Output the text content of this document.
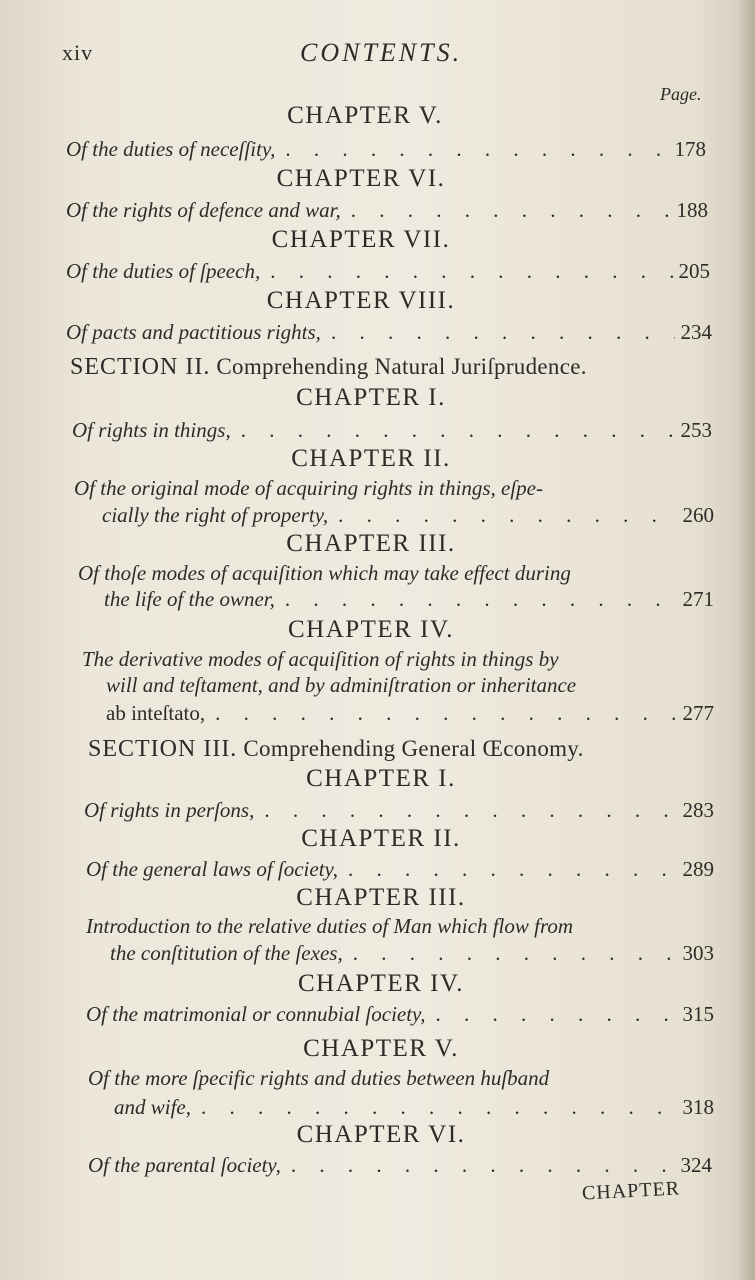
xiv	CONTENTS.
Page.
CHAPTER V.
Of the duties of neceſſity, . . .	178
CHAPTER VI.
Of the rights of defence and war, . . .	188
CHAPTER VII.
Of the duties of ſpeech, . . .	205
CHAPTER VIII.
Of pacts and pactitious rights, . . .	234
SECTION II. Comprehending Natural Juriſprudence.
CHAPTER I.
Of rights in things, . . .	253
CHAPTER II.
Of the original mode of acquiring rights in things, eſpe-
cially the right of property, . . .	260
CHAPTER III.
Of thoſe modes of acquiſition which may take effect during
the life of the owner, . . .	271
CHAPTER IV.
The derivative modes of acquiſition of rights in things by
will and teſtament, and by adminiſtration or inheritance
ab inteſtato, . . .	277
SECTION III. Comprehending General Œconomy.
CHAPTER I.
Of rights in perſons, . . .	283
CHAPTER II.
Of the general laws of ſociety, . . .	289
CHAPTER III.
Introduction to the relative duties of Man which flow from
the conſtitution of the ſexes, . . .	303
CHAPTER IV.
Of the matrimonial or connubial ſociety, . . .	315
CHAPTER V.
Of the more ſpecific rights and duties between huſband
and wife, . . .	318
CHAPTER VI.
Of the parental ſociety, . . .	324
CHAPTER
